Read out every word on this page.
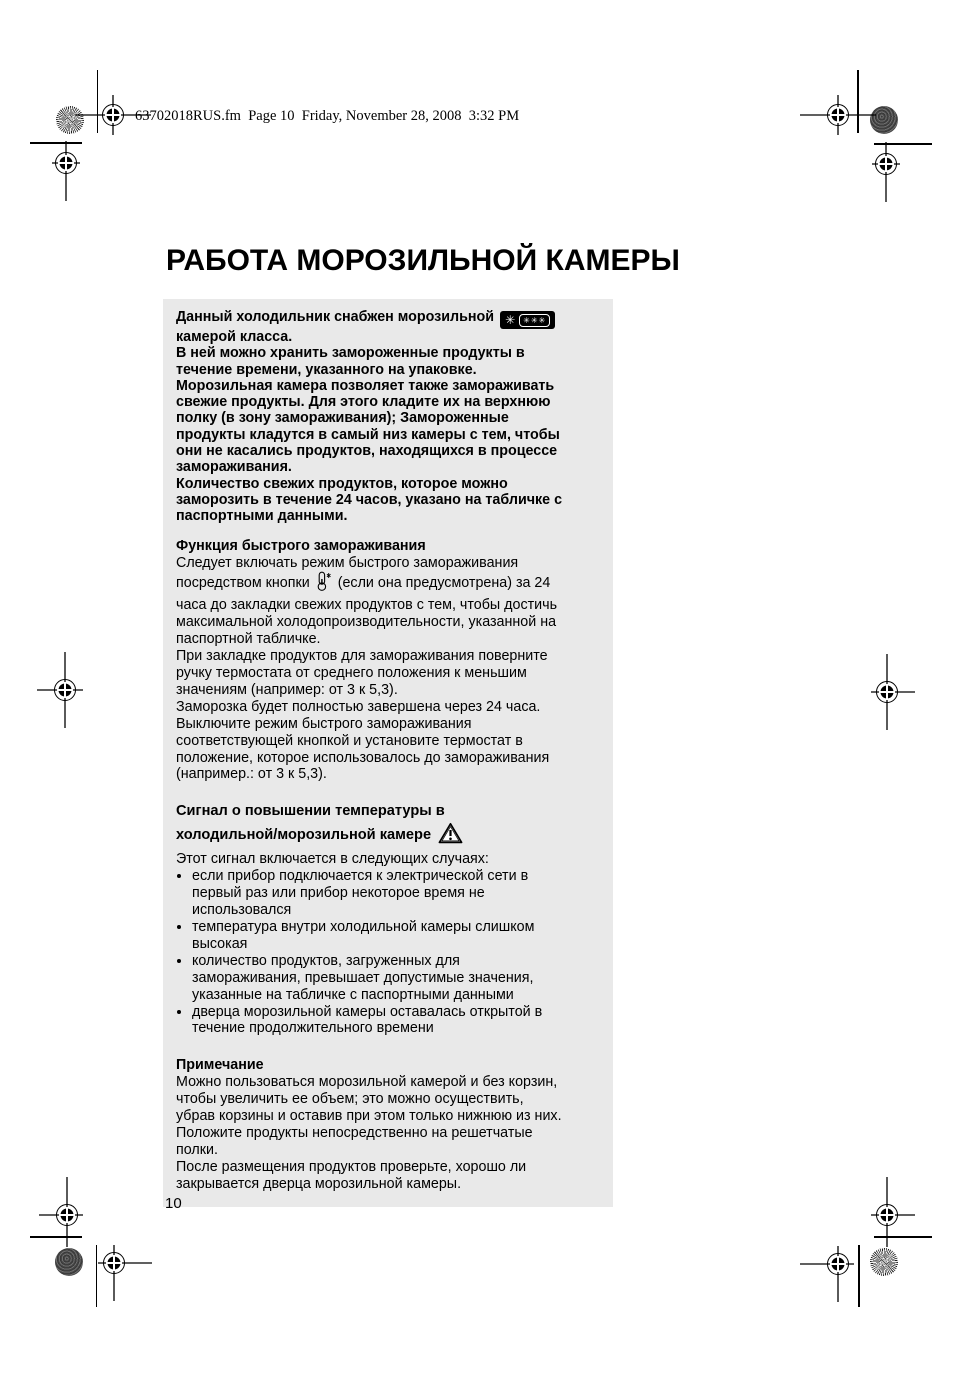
63702018RUS.fm  Page 10  Friday, November 28, 2008  3:32 PM
РАБОТА МОРОЗИЛЬНОЙ КАМЕРЫ

Данный холодильник снабжен морозильной ✳	✳✳✳
камерой класса.

В ней можно хранить замороженные продукты в течение времени, указанного на упаковке.

Морозильная камера позволяет также замораживать свежие продукты. Для этого кладите их на верхнюю полку (в зону замораживания); Замороженные продукты кладутся в самый низ камеры с тем, чтобы они не касались продуктов, находящихся в процессе замораживания.

Количество свежих продуктов, которое можно заморозить в течение 24 часов, указано на табличке с паспортными данными.

Функция быстрого замораживания

Следует включать режим быстрого замораживания посредством кнопки (если она предусмотрена) за 24 часа до закладки свежих продуктов с тем, чтобы достичь максимальной холодопроизводительности, указанной на паспортной табличке.

При закладке продуктов для замораживания поверните ручку термостата от среднего положения к меньшим значениям (например: от 3 к 5,3).

Заморозка будет полностью завершена через 24 часа.

Выключите режим быстрого замораживания соответствующей кнопкой и установите термостат в положение, которое использовалось до замораживания (например.: от 3 к 5,3).

Сигнал о повышении температуры в
холодильной/морозильной камере

Этот сигнал включается в следующих случаях:

• если прибор подключается к электрической сети в первый раз или прибор некоторое время не использовался
• температура внутри холодильной камеры слишком высокая
• количество продуктов, загруженных для замораживания, превышает допустимые значения, указанные на табличке с паспортными данными
• дверца морозильной камеры оставалась открытой в течение продолжительного времени
Примечание

Можно пользоваться морозильной камерой и без корзин, чтобы увеличить ее объем; это можно осуществить, убрав корзины и оставив при этом только нижнюю из них.

Положите продукты непосредственно на решетчатые полки.

После размещения продуктов проверьте, хорошо ли закрывается дверца морозильной камеры.

10
